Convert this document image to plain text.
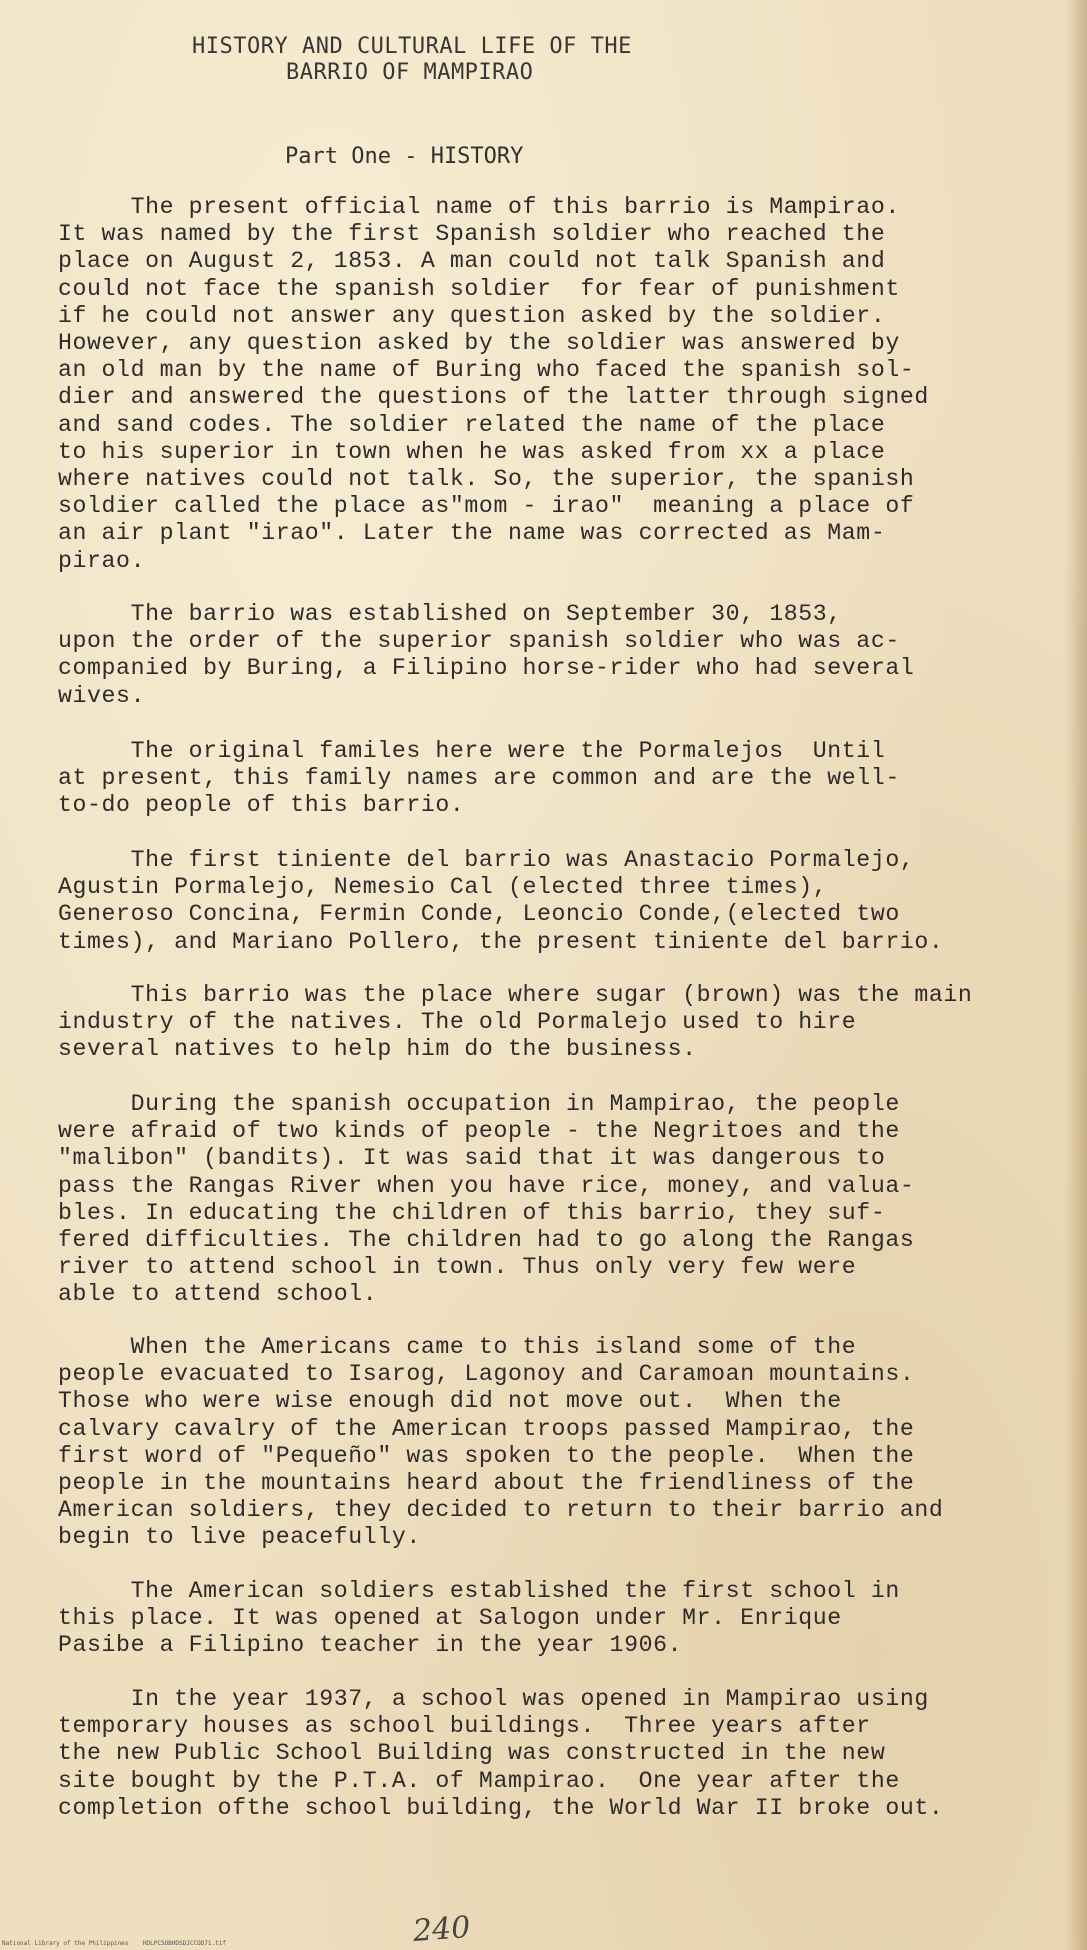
HISTORY AND CULTURAL LIFE OF THE
BARRIO OF MAMPIRAO
Part One - HISTORY
The present official name of this barrio is Mampirao.
It was named by the first Spanish soldier who reached the
place on August 2, 1853. A man could not talk Spanish and
could not face the spanish soldier  for fear of punishment
if he could not answer any question asked by the soldier.
However, any question asked by the soldier was answered by
an old man by the name of Buring who faced the spanish sol-
dier and answered the questions of the latter through signed
and sand codes. The soldier related the name of the place
to his superior in town when he was asked from xx a place
where natives could not talk. So, the superior, the spanish
soldier called the place as"mom - irao"  meaning a place of
an air plant "irao". Later the name was corrected as Mam-
pirao.
The barrio was established on September 30, 1853,
upon the order of the superior spanish soldier who was ac-
companied by Buring, a Filipino horse-rider who had several
wives.
The original familes here were the Pormalejos  Until
at present, this family names are common and are the well-
to-do people of this barrio.
The first tiniente del barrio was Anastacio Pormalejo,
Agustin Pormalejo, Nemesio Cal (elected three times),
Generoso Concina, Fermin Conde, Leoncio Conde,(elected two
times), and Mariano Pollero, the present tiniente del barrio.
This barrio was the place where sugar (brown) was the main
industry of the natives. The old Pormalejo used to hire
several natives to help him do the business.
During the spanish occupation in Mampirao, the people
were afraid of two kinds of people - the Negritoes and the
"malibon" (bandits). It was said that it was dangerous to
pass the Rangas River when you have rice, money, and valua-
bles. In educating the children of this barrio, they suf-
fered difficulties. The children had to go along the Rangas
river to attend school in town. Thus only very few were
able to attend school.
When the Americans came to this island some of the
people evacuated to Isarog, Lagonoy and Caramoan mountains.
Those who were wise enough did not move out.  When the
calvary cavalry of the American troops passed Mampirao, the
first word of "Pequeño" was spoken to the people.  When the
people in the mountains heard about the friendliness of the
American soldiers, they decided to return to their barrio and
begin to live peacefully.
The American soldiers established the first school in
this place. It was opened at Salogon under Mr. Enrique
Pasibe a Filipino teacher in the year 1906.
In the year 1937, a school was opened in Mampirao using
temporary houses as school buildings.  Three years after
the new Public School Building was constructed in the new
site bought by the P.T.A. of Mampirao.  One year after the
completion ofthe school building, the World War II broke out.
240
National Library of the Philippines    HDLPCSOBHDSDJCCOD71.tif
